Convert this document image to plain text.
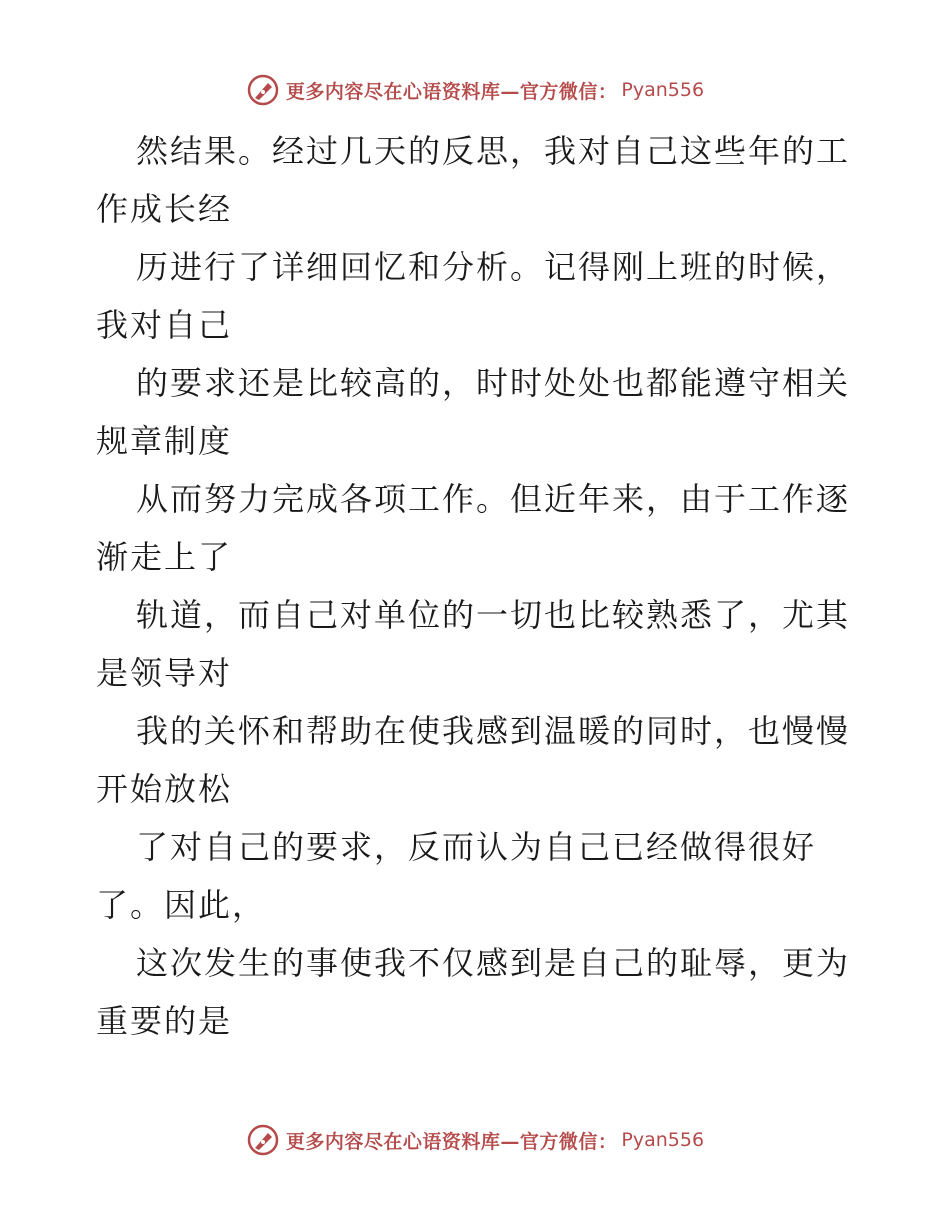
更多内容尽在心语资料库—官方微信： Pyan556
然结果。经过几天的反思，我对自己这些年的工
作成长经
历进行了详细回忆和分析。记得刚上班的时候，
我对自己
的要求还是比较高的，时时处处也都能遵守相关
规章制度
从而努力完成各项工作。但近年来，由于工作逐
渐走上了
轨道，而自己对单位的一切也比较熟悉了，尤其
是领导对
我的关怀和帮助在使我感到温暖的同时，也慢慢
开始放松
了对自己的要求，反而认为自己已经做得很好
了。因此，
这次发生的事使我不仅感到是自己的耻辱，更为
重要的是
更多内容尽在心语资料库—官方微信： Pyan556
